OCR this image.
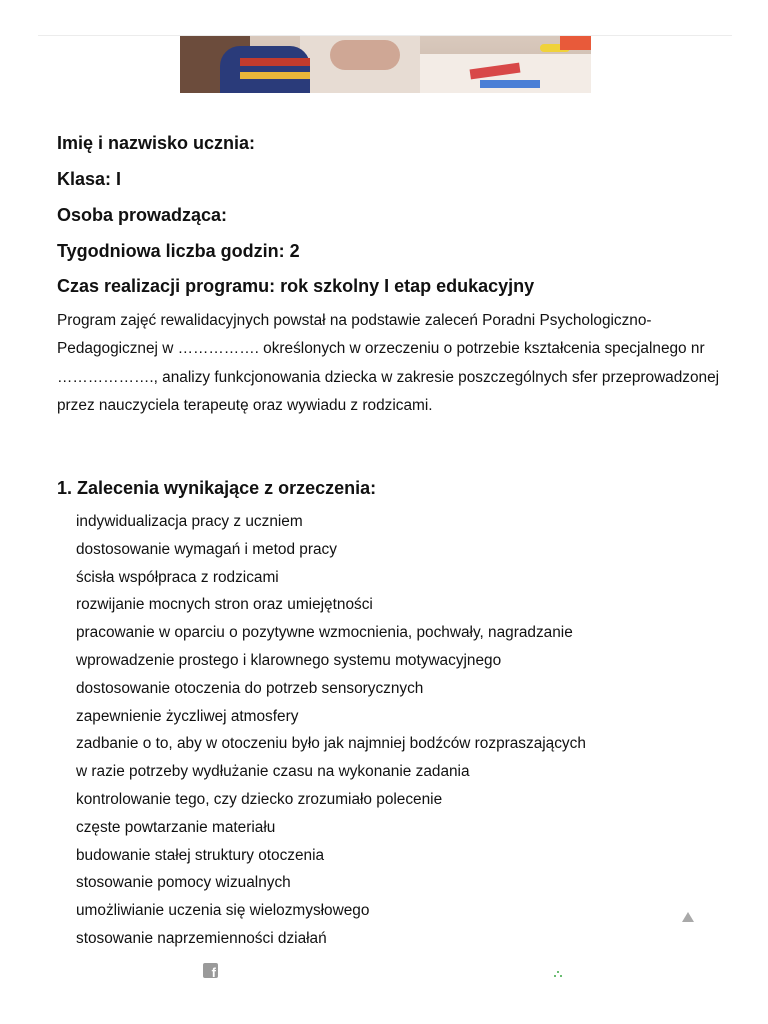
Imię i nazwisko ucznia:
Klasa: I
Osoba prowadząca:
Tygodniowa liczba godzin: 2
Czas realizacji programu: rok szkolny I etap edukacyjny

Program zajęć rewalidacyjnych powstał na podstawie zaleceń Poradni Psychologiczno-Pedagogicznej w ……………. określonych w orzeczeniu o potrzebie kształcenia specjalnego nr ………………., analizy funkcjonowania dziecka w zakresie poszczególnych sfer przeprowadzonej przez nauczyciela terapeutę oraz wywiadu z rodzicami.

1. Zalecenia wynikające z orzeczenia:
indywidualizacja pracy z uczniem
dostosowanie wymagań i metod pracy
ścisła współpraca z rodzicami
rozwijanie mocnych stron oraz umiejętności
pracowanie w oparciu o pozytywne wzmocnienia, pochwały, nagradzanie
wprowadzenie prostego i klarownego systemu motywacyjnego
dostosowanie otoczenia do potrzeb sensorycznych
zapewnienie życzliwej atmosfery
zadbanie o to, aby w otoczeniu było jak najmniej bodźców rozpraszających
w razie potrzeby wydłużanie czasu na wykonanie zadania
kontrolowanie tego, czy dziecko zrozumiało polecenie
częste powtarzanie materiału
budowanie stałej struktury otoczenia
stosowanie pomocy wizualnych
umożliwianie uczenia się wielozmysłowego
stosowanie naprzemienności działań
f
